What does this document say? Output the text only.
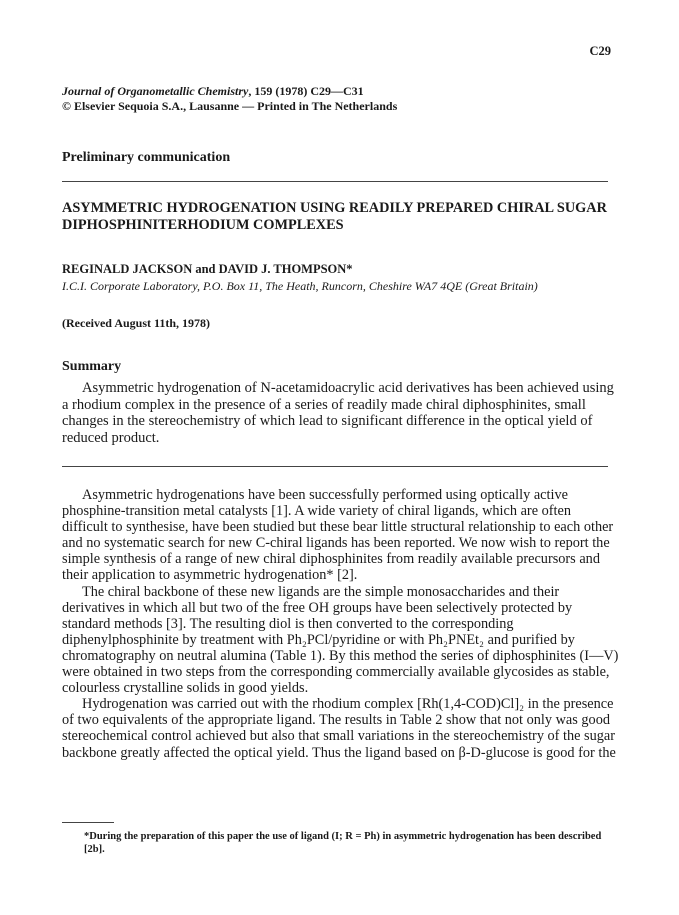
C29
Journal of Organometallic Chemistry, 159 (1978) C29—C31
© Elsevier Sequoia S.A., Lausanne — Printed in The Netherlands
Preliminary communication
ASYMMETRIC HYDROGENATION USING READILY PREPARED CHIRAL SUGAR DIPHOSPHINITERHODIUM COMPLEXES
REGINALD JACKSON and DAVID J. THOMPSON*
I.C.I. Corporate Laboratory, P.O. Box 11, The Heath, Runcorn, Cheshire WA7 4QE (Great Britain)
(Received August 11th, 1978)
Summary

Asymmetric hydrogenation of N-acetamidoacrylic acid derivatives has been achieved using a rhodium complex in the presence of a series of readily made chiral diphosphinites, small changes in the stereochemistry of which lead to significant difference in the optical yield of reduced product.

Asymmetric hydrogenations have been successfully performed using optically active phosphine-transition metal catalysts [1]. A wide variety of chiral ligands, which are often difficult to synthesise, have been studied but these bear little structural relationship to each other and no systematic search for new C-chiral ligands has been reported. We now wish to report the simple synthesis of a range of new chiral diphosphinites from readily available precursors and their application to asymmetric hydrogenation* [2].

The chiral backbone of these new ligands are the simple monosaccharides and their derivatives in which all but two of the free OH groups have been selectively protected by standard methods [3]. The resulting diol is then converted to the corresponding diphenylphosphinite by treatment with Ph₂PCl/pyridine or with Ph₂PNEt₂ and purified by chromatography on neutral alumina (Table 1). By this method the series of diphosphinites (I—V) were obtained in two steps from the corresponding commercially available glycosides as stable, colourless crystalline solids in good yields.

Hydrogenation was carried out with the rhodium complex [Rh(1,4-COD)Cl]₂ in the presence of two equivalents of the appropriate ligand. The results in Table 2 show that not only was good stereochemical control achieved but also that small variations in the stereochemistry of the sugar backbone greatly affected the optical yield. Thus the ligand based on β-D-glucose is good for the

*During the preparation of this paper the use of ligand (I; R = Ph) in asymmetric hydrogenation has been described [2b].
